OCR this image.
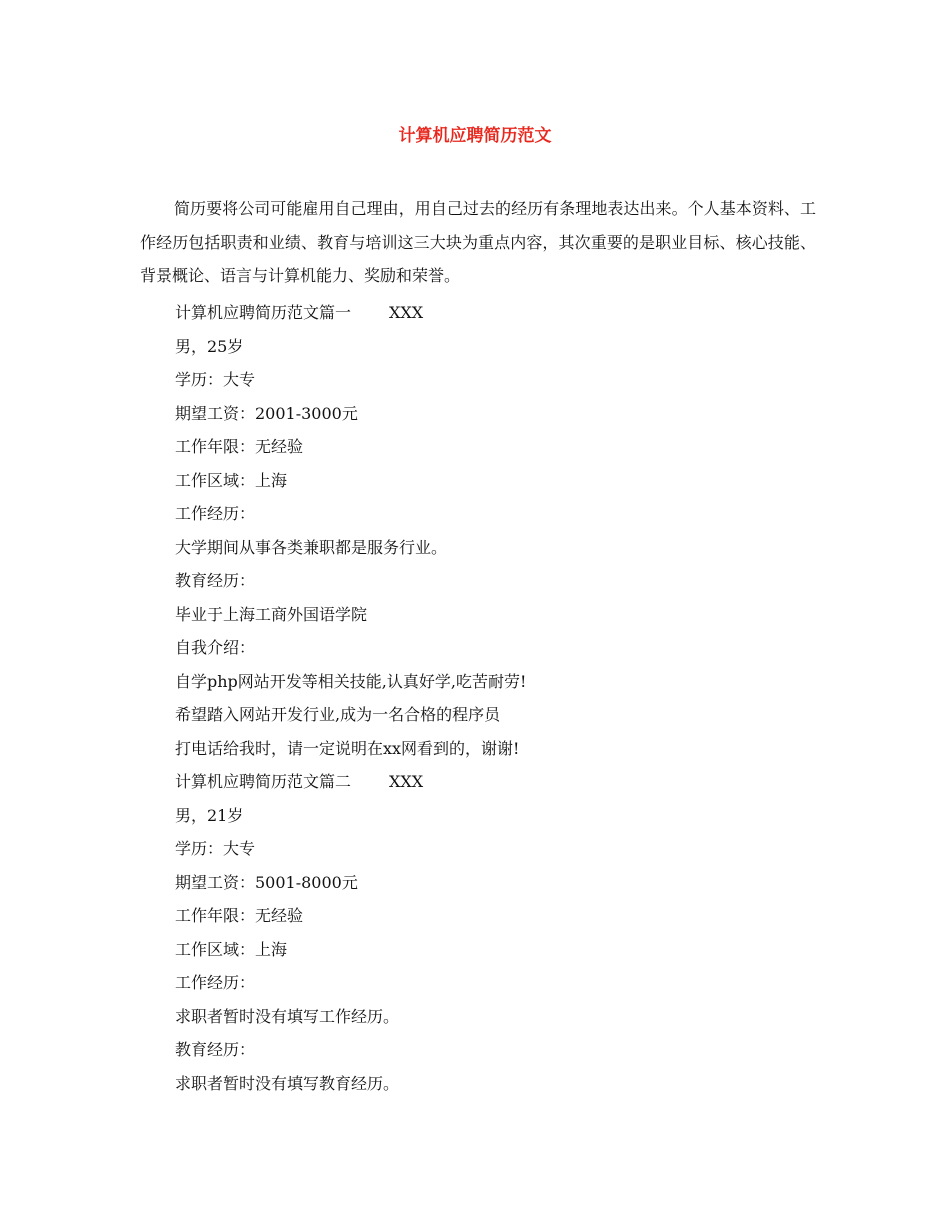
计算机应聘简历范文

简历要将公司可能雇用自己理由，用自己过去的经历有条理地表达出来。个人基本资料、工作经历包括职责和业绩、教育与培训这三大块为重点内容，其次重要的是职业目标、核心技能、背景概论、语言与计算机能力、奖励和荣誉。

计算机应聘简历范文篇一 XXX
男，25岁
学历：大专
期望工资：2001-3000元
工作年限：无经验
工作区域：上海
工作经历：
大学期间从事各类兼职都是服务行业。
教育经历：
毕业于上海工商外国语学院
自我介绍：
自学php网站开发等相关技能,认真好学,吃苦耐劳!
希望踏入网站开发行业,成为一名合格的程序员
打电话给我时，请一定说明在xx网看到的，谢谢!
计算机应聘简历范文篇二 XXX
男，21岁
学历：大专
期望工资：5001-8000元
工作年限：无经验
工作区域：上海
工作经历：
求职者暂时没有填写工作经历。
教育经历：
求职者暂时没有填写教育经历。
